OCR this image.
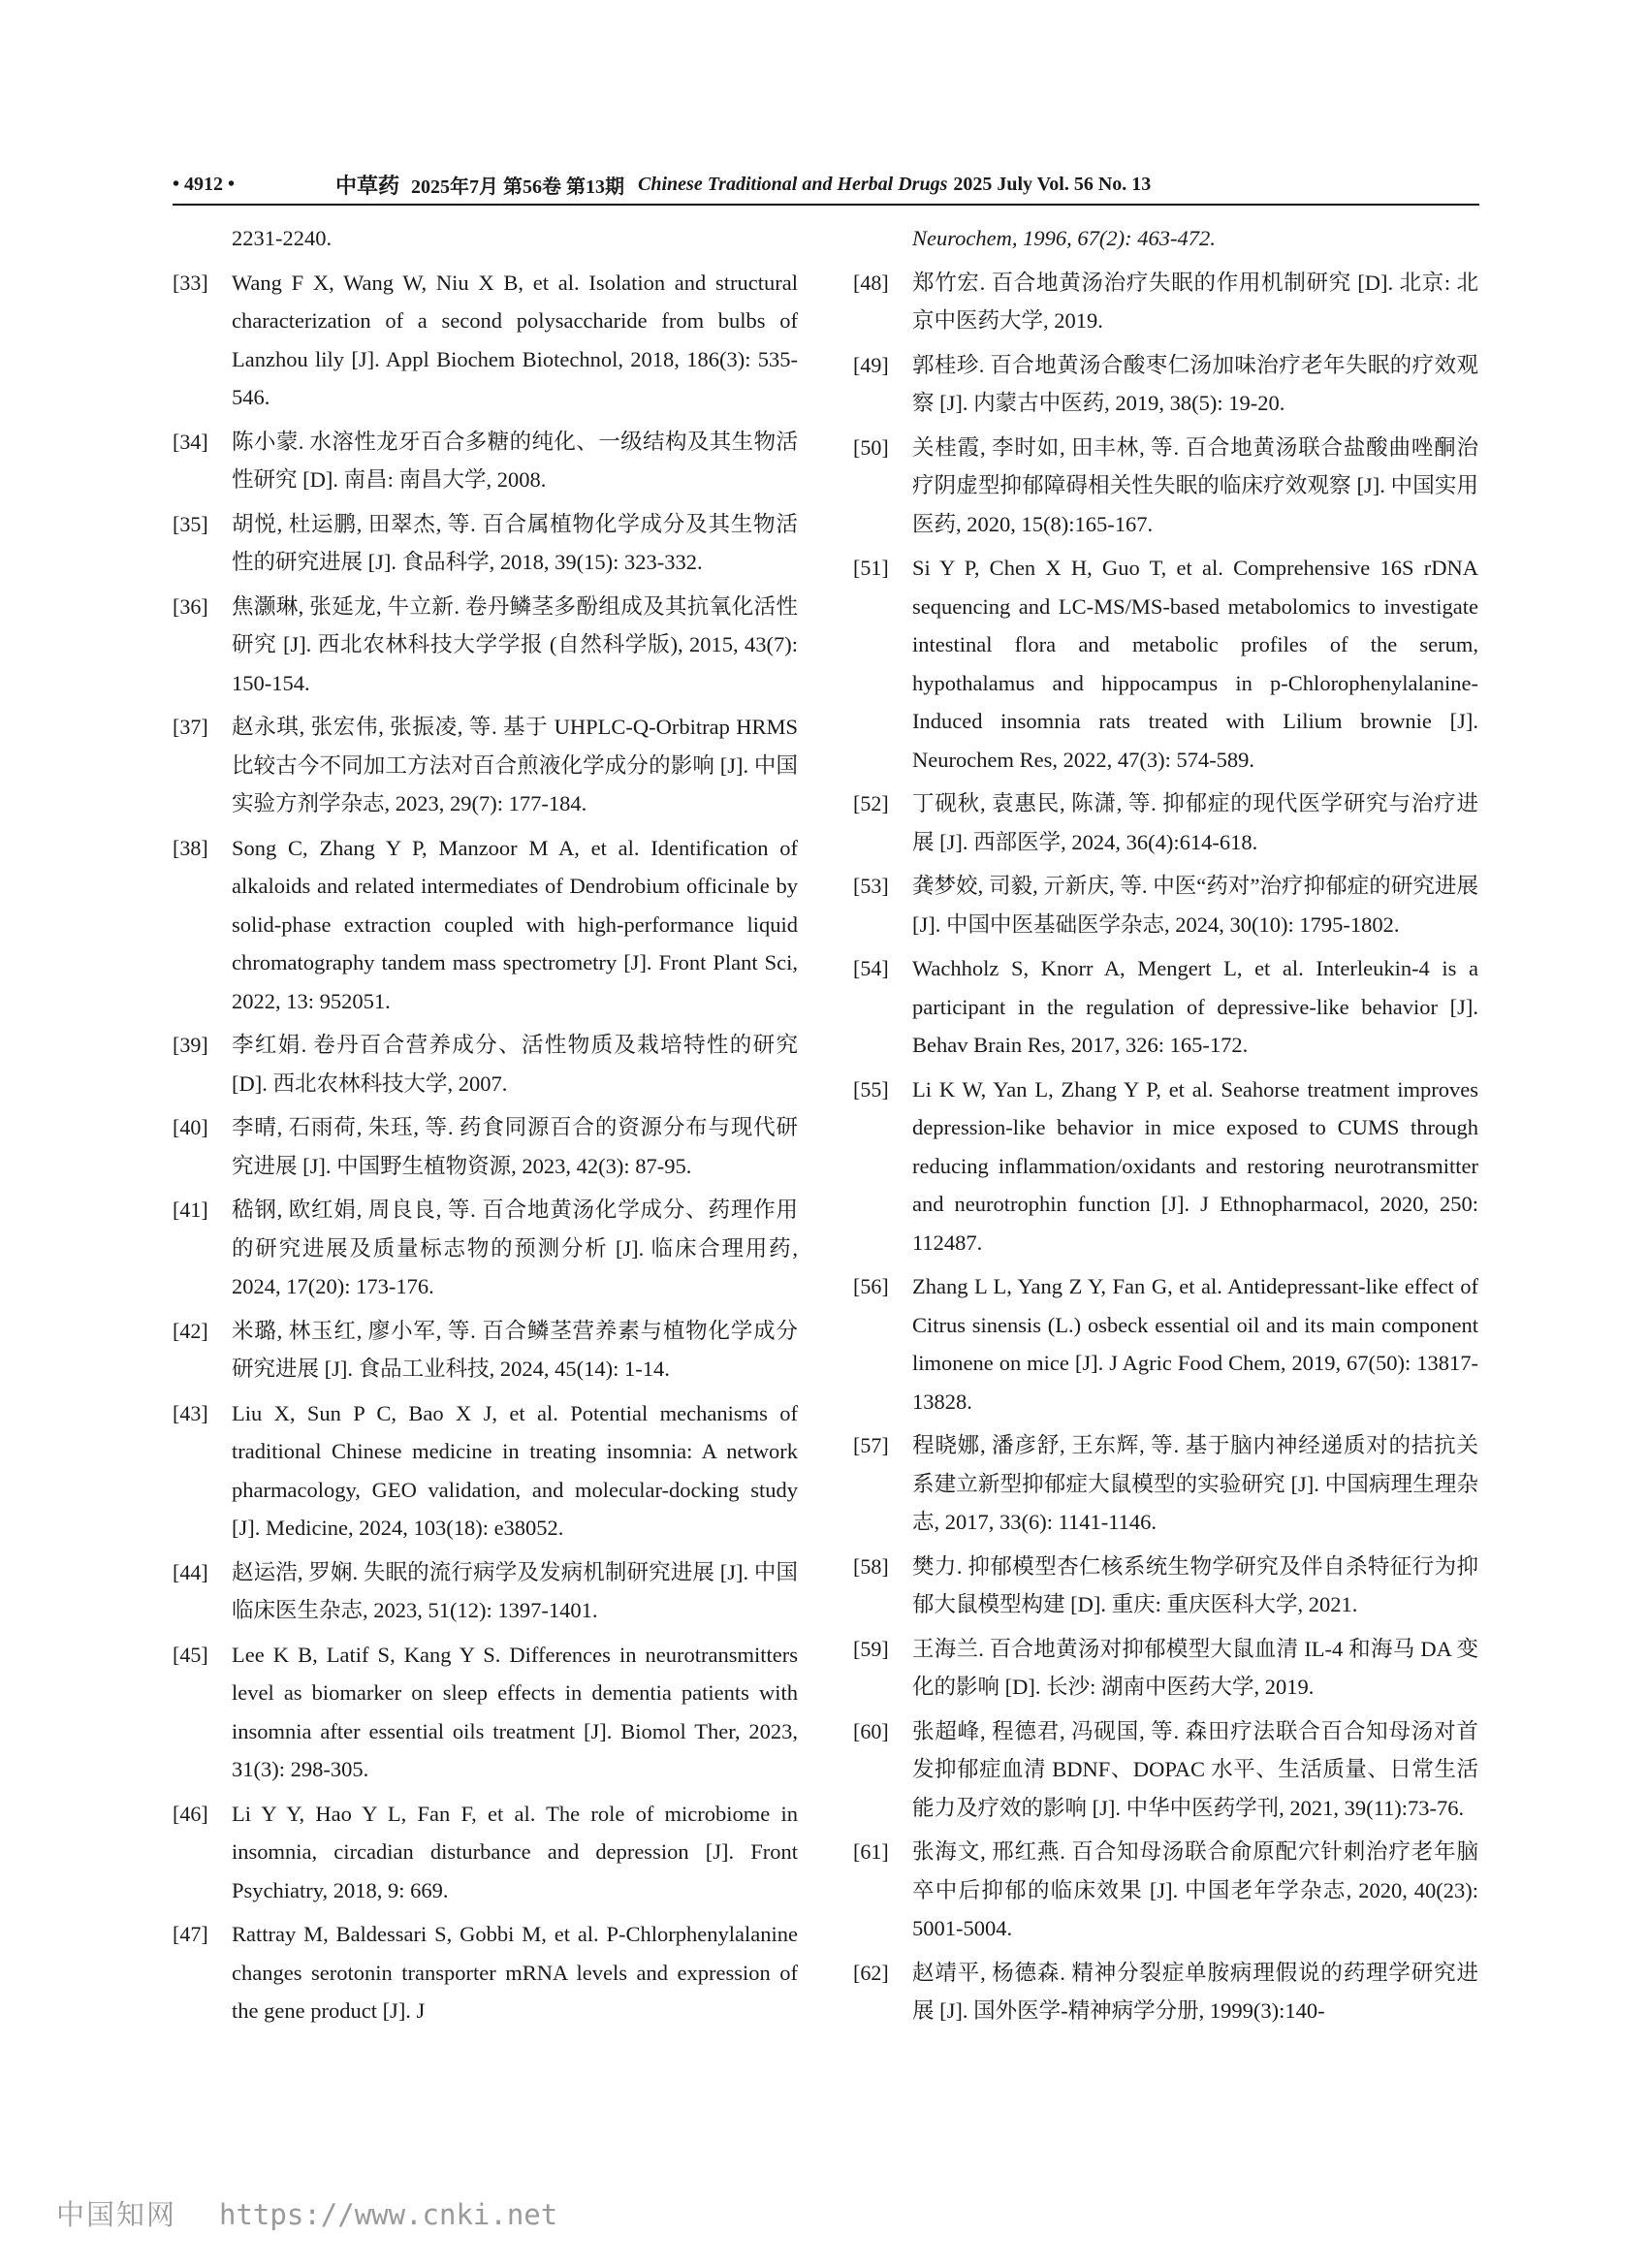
• 4912 •	中草药 2025年7月 第56卷 第13期 Chinese Traditional and Herbal Drugs 2025 July Vol. 56 No. 13
2231-2240.
[33]	Wang F X, Wang W, Niu X B, et al. Isolation and structural characterization of a second polysaccharide from bulbs of Lanzhou lily [J]. Appl Biochem Biotechnol, 2018, 186(3): 535-546.
[34]	陈小蒙. 水溶性龙牙百合多糖的纯化、一级结构及其生物活性研究 [D]. 南昌: 南昌大学, 2008.
[35]	胡悦, 杜运鹏, 田翠杰, 等. 百合属植物化学成分及其生物活性的研究进展 [J]. 食品科学, 2018, 39(15): 323-332.
[36]	焦灏琳, 张延龙, 牛立新. 卷丹鳞茎多酚组成及其抗氧化活性研究 [J]. 西北农林科技大学学报 (自然科学版), 2015, 43(7): 150-154.
[37]	赵永琪, 张宏伟, 张振凌, 等. 基于 UHPLC-Q-Orbitrap HRMS 比较古今不同加工方法对百合煎液化学成分的影响 [J]. 中国实验方剂学杂志, 2023, 29(7): 177-184.
[38]	Song C, Zhang Y P, Manzoor M A, et al. Identification of alkaloids and related intermediates of Dendrobium officinale by solid-phase extraction coupled with high-performance liquid chromatography tandem mass spectrometry [J]. Front Plant Sci, 2022, 13: 952051.
[39]	李红娟. 卷丹百合营养成分、活性物质及栽培特性的研究 [D]. 西北农林科技大学, 2007.
[40]	李晴, 石雨荷, 朱珏, 等. 药食同源百合的资源分布与现代研究进展 [J]. 中国野生植物资源, 2023, 42(3): 87-95.
[41]	嵇钢, 欧红娟, 周良良, 等. 百合地黄汤化学成分、药理作用的研究进展及质量标志物的预测分析 [J]. 临床合理用药, 2024, 17(20): 173-176.
[42]	米璐, 林玉红, 廖小军, 等. 百合鳞茎营养素与植物化学成分研究进展 [J]. 食品工业科技, 2024, 45(14): 1-14.
[43]	Liu X, Sun P C, Bao X J, et al. Potential mechanisms of traditional Chinese medicine in treating insomnia: A network pharmacology, GEO validation, and molecular-docking study [J]. Medicine, 2024, 103(18): e38052.
[44]	赵运浩, 罗娴. 失眠的流行病学及发病机制研究进展 [J]. 中国临床医生杂志, 2023, 51(12): 1397-1401.
[45]	Lee K B, Latif S, Kang Y S. Differences in neurotransmitters level as biomarker on sleep effects in dementia patients with insomnia after essential oils treatment [J]. Biomol Ther, 2023, 31(3): 298-305.
[46]	Li Y Y, Hao Y L, Fan F, et al. The role of microbiome in insomnia, circadian disturbance and depression [J]. Front Psychiatry, 2018, 9: 669.
[47]	Rattray M, Baldessari S, Gobbi M, et al. P-Chlorphenylalanine changes serotonin transporter mRNA levels and expression of the gene product [J]. J
Neurochem, 1996, 67(2): 463-472.
[48]	郑竹宏. 百合地黄汤治疗失眠的作用机制研究 [D]. 北京: 北京中医药大学, 2019.
[49]	郭桂珍. 百合地黄汤合酸枣仁汤加味治疗老年失眠的疗效观察 [J]. 内蒙古中医药, 2019, 38(5): 19-20.
[50]	关桂霞, 李时如, 田丰林, 等. 百合地黄汤联合盐酸曲唑酮治疗阴虚型抑郁障碍相关性失眠的临床疗效观察 [J]. 中国实用医药, 2020, 15(8):165-167.
[51]	Si Y P, Chen X H, Guo T, et al. Comprehensive 16S rDNA sequencing and LC-MS/MS-based metabolomics to investigate intestinal flora and metabolic profiles of the serum, hypothalamus and hippocampus in p-Chlorophenylalanine-Induced insomnia rats treated with Lilium brownie [J]. Neurochem Res, 2022, 47(3): 574-589.
[52]	丁砚秋, 袁惠民, 陈潇, 等. 抑郁症的现代医学研究与治疗进展 [J]. 西部医学, 2024, 36(4):614-618.
[53]	龚梦姣, 司毅, 亓新庆, 等. 中医“药对”治疗抑郁症的研究进展 [J]. 中国中医基础医学杂志, 2024, 30(10): 1795-1802.
[54]	Wachholz S, Knorr A, Mengert L, et al. Interleukin-4 is a participant in the regulation of depressive-like behavior [J]. Behav Brain Res, 2017, 326: 165-172.
[55]	Li K W, Yan L, Zhang Y P, et al. Seahorse treatment improves depression-like behavior in mice exposed to CUMS through reducing inflammation/oxidants and restoring neurotransmitter and neurotrophin function [J]. J Ethnopharmacol, 2020, 250: 112487.
[56]	Zhang L L, Yang Z Y, Fan G, et al. Antidepressant-like effect of Citrus sinensis (L.) osbeck essential oil and its main component limonene on mice [J]. J Agric Food Chem, 2019, 67(50): 13817-13828.
[57]	程晓娜, 潘彦舒, 王东辉, 等. 基于脑内神经递质对的拮抗关系建立新型抑郁症大鼠模型的实验研究 [J]. 中国病理生理杂志, 2017, 33(6): 1141-1146.
[58]	樊力. 抑郁模型杏仁核系统生物学研究及伴自杀特征行为抑郁大鼠模型构建 [D]. 重庆: 重庆医科大学, 2021.
[59]	王海兰. 百合地黄汤对抑郁模型大鼠血清 IL-4 和海马 DA 变化的影响 [D]. 长沙: 湖南中医药大学, 2019.
[60]	张超峰, 程德君, 冯砚国, 等. 森田疗法联合百合知母汤对首发抑郁症血清 BDNF、DOPAC 水平、生活质量、日常生活能力及疗效的影响 [J]. 中华中医药学刊, 2021, 39(11):73-76.
[61]	张海文, 邢红燕. 百合知母汤联合俞原配穴针刺治疗老年脑卒中后抑郁的临床效果 [J]. 中国老年学杂志, 2020, 40(23): 5001-5004.
[62]	赵靖平, 杨德森. 精神分裂症单胺病理假说的药理学研究进展 [J]. 国外医学-精神病学分册, 1999(3):140-
中国知网 https://www.cnki.net
